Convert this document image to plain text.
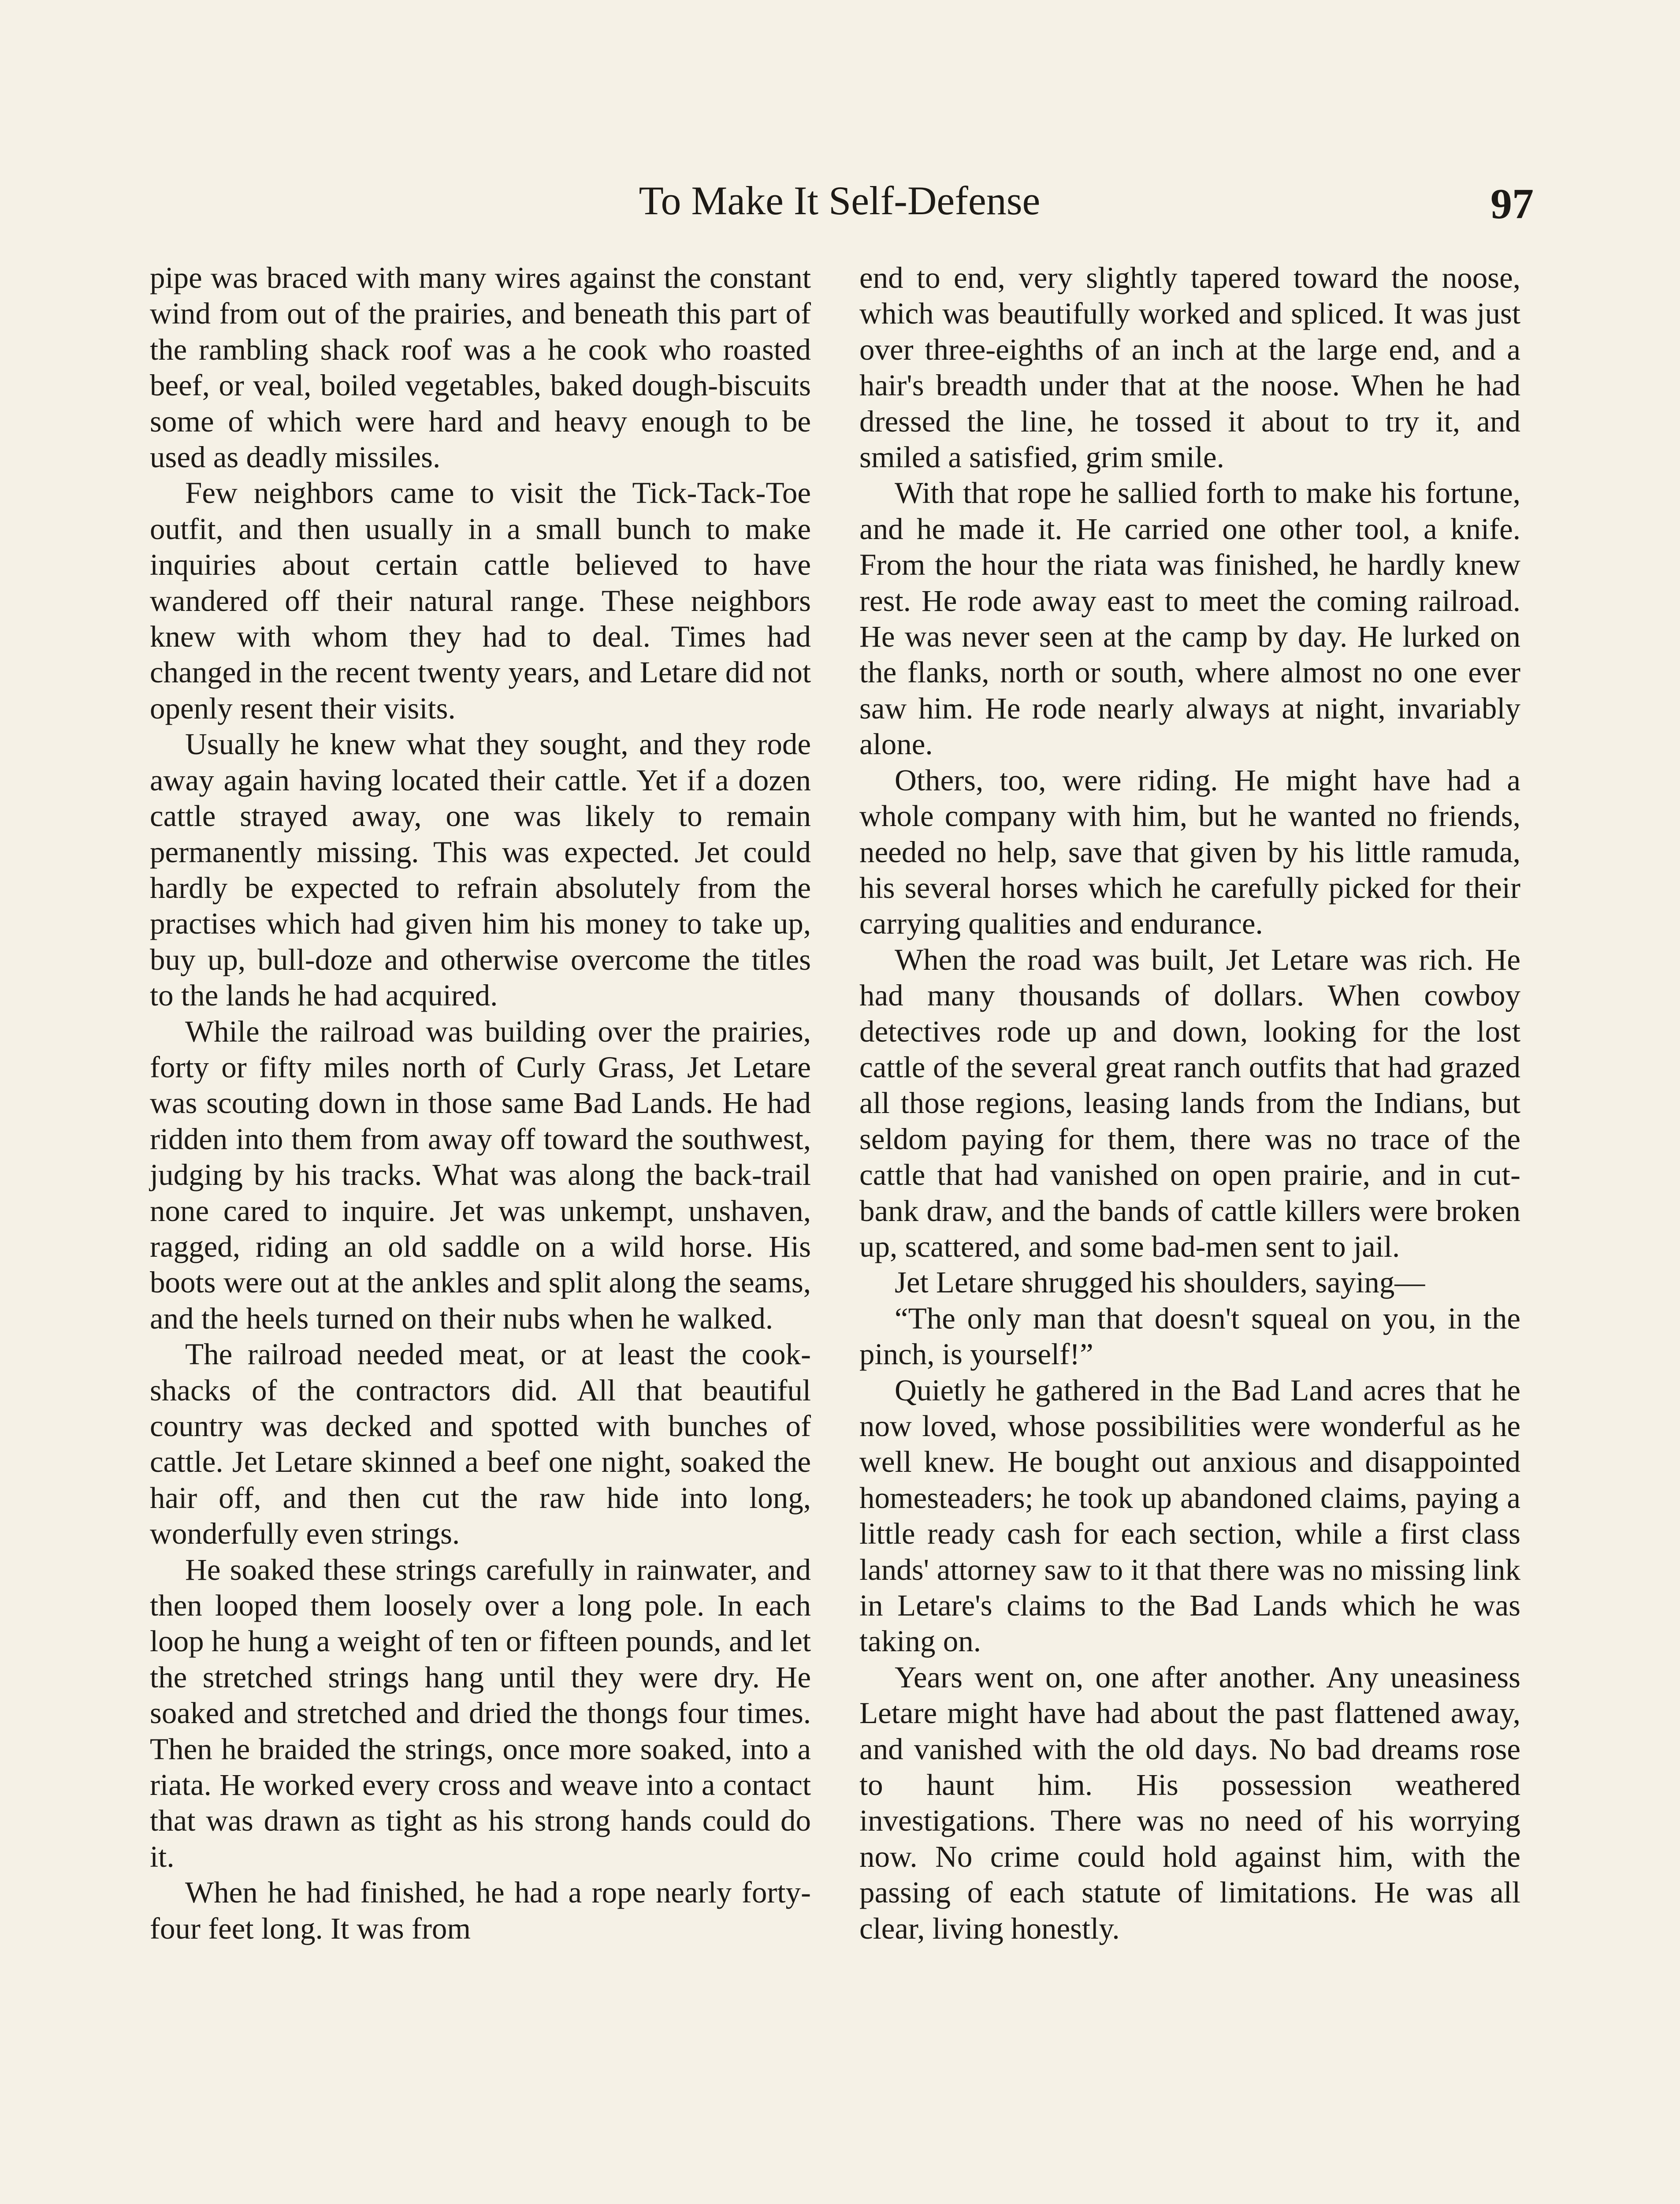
To Make It Self-Defense	97

pipe was braced with many wires against the constant wind from out of the prairies, and beneath this part of the rambling shack roof was a he cook who roasted beef, or veal, boiled vegetables, baked dough-biscuits some of which were hard and heavy enough to be used as deadly missiles.

Few neighbors came to visit the Tick-Tack-Toe outfit, and then usually in a small bunch to make inquiries about certain cattle believed to have wandered off their natural range. These neighbors knew with whom they had to deal. Times had changed in the recent twenty years, and Letare did not openly resent their visits.

Usually he knew what they sought, and they rode away again having located their cattle. Yet if a dozen cattle strayed away, one was likely to remain permanently missing. This was expected. Jet could hardly be expected to refrain absolutely from the practises which had given him his money to take up, buy up, bull-doze and otherwise overcome the titles to the lands he had acquired.

While the railroad was building over the prairies, forty or fifty miles north of Curly Grass, Jet Letare was scouting down in those same Bad Lands. He had ridden into them from away off toward the southwest, judging by his tracks. What was along the back-trail none cared to inquire. Jet was unkempt, unshaven, ragged, riding an old saddle on a wild horse. His boots were out at the ankles and split along the seams, and the heels turned on their nubs when he walked.

The railroad needed meat, or at least the cook-shacks of the contractors did. All that beautiful country was decked and spotted with bunches of cattle. Jet Letare skinned a beef one night, soaked the hair off, and then cut the raw hide into long, wonderfully even strings.

He soaked these strings carefully in rainwater, and then looped them loosely over a long pole. In each loop he hung a weight of ten or fifteen pounds, and let the stretched strings hang until they were dry. He soaked and stretched and dried the thongs four times. Then he braided the strings, once more soaked, into a riata. He worked every cross and weave into a contact that was drawn as tight as his strong hands could do it.

When he had finished, he had a rope nearly forty-four feet long. It was from

end to end, very slightly tapered toward the noose, which was beautifully worked and spliced. It was just over three-eighths of an inch at the large end, and a hair's breadth under that at the noose. When he had dressed the line, he tossed it about to try it, and smiled a satisfied, grim smile.

With that rope he sallied forth to make his fortune, and he made it. He carried one other tool, a knife. From the hour the riata was finished, he hardly knew rest. He rode away east to meet the coming railroad. He was never seen at the camp by day. He lurked on the flanks, north or south, where almost no one ever saw him. He rode nearly always at night, invariably alone.

Others, too, were riding. He might have had a whole company with him, but he wanted no friends, needed no help, save that given by his little ramuda, his several horses which he carefully picked for their carrying qualities and endurance.

When the road was built, Jet Letare was rich. He had many thousands of dollars. When cowboy detectives rode up and down, looking for the lost cattle of the several great ranch outfits that had grazed all those regions, leasing lands from the Indians, but seldom paying for them, there was no trace of the cattle that had vanished on open prairie, and in cut-bank draw, and the bands of cattle killers were broken up, scattered, and some bad-men sent to jail.

Jet Letare shrugged his shoulders, saying—

“The only man that doesn't squeal on you, in the pinch, is yourself!”

Quietly he gathered in the Bad Land acres that he now loved, whose possibilities were wonderful as he well knew. He bought out anxious and disappointed homesteaders; he took up abandoned claims, paying a little ready cash for each section, while a first class lands' attorney saw to it that there was no missing link in Letare's claims to the Bad Lands which he was taking on.

Years went on, one after another. Any uneasiness Letare might have had about the past flattened away, and vanished with the old days. No bad dreams rose to haunt him. His possession weathered investigations. There was no need of his worrying now. No crime could hold against him, with the passing of each statute of limitations. He was all clear, living honestly.
